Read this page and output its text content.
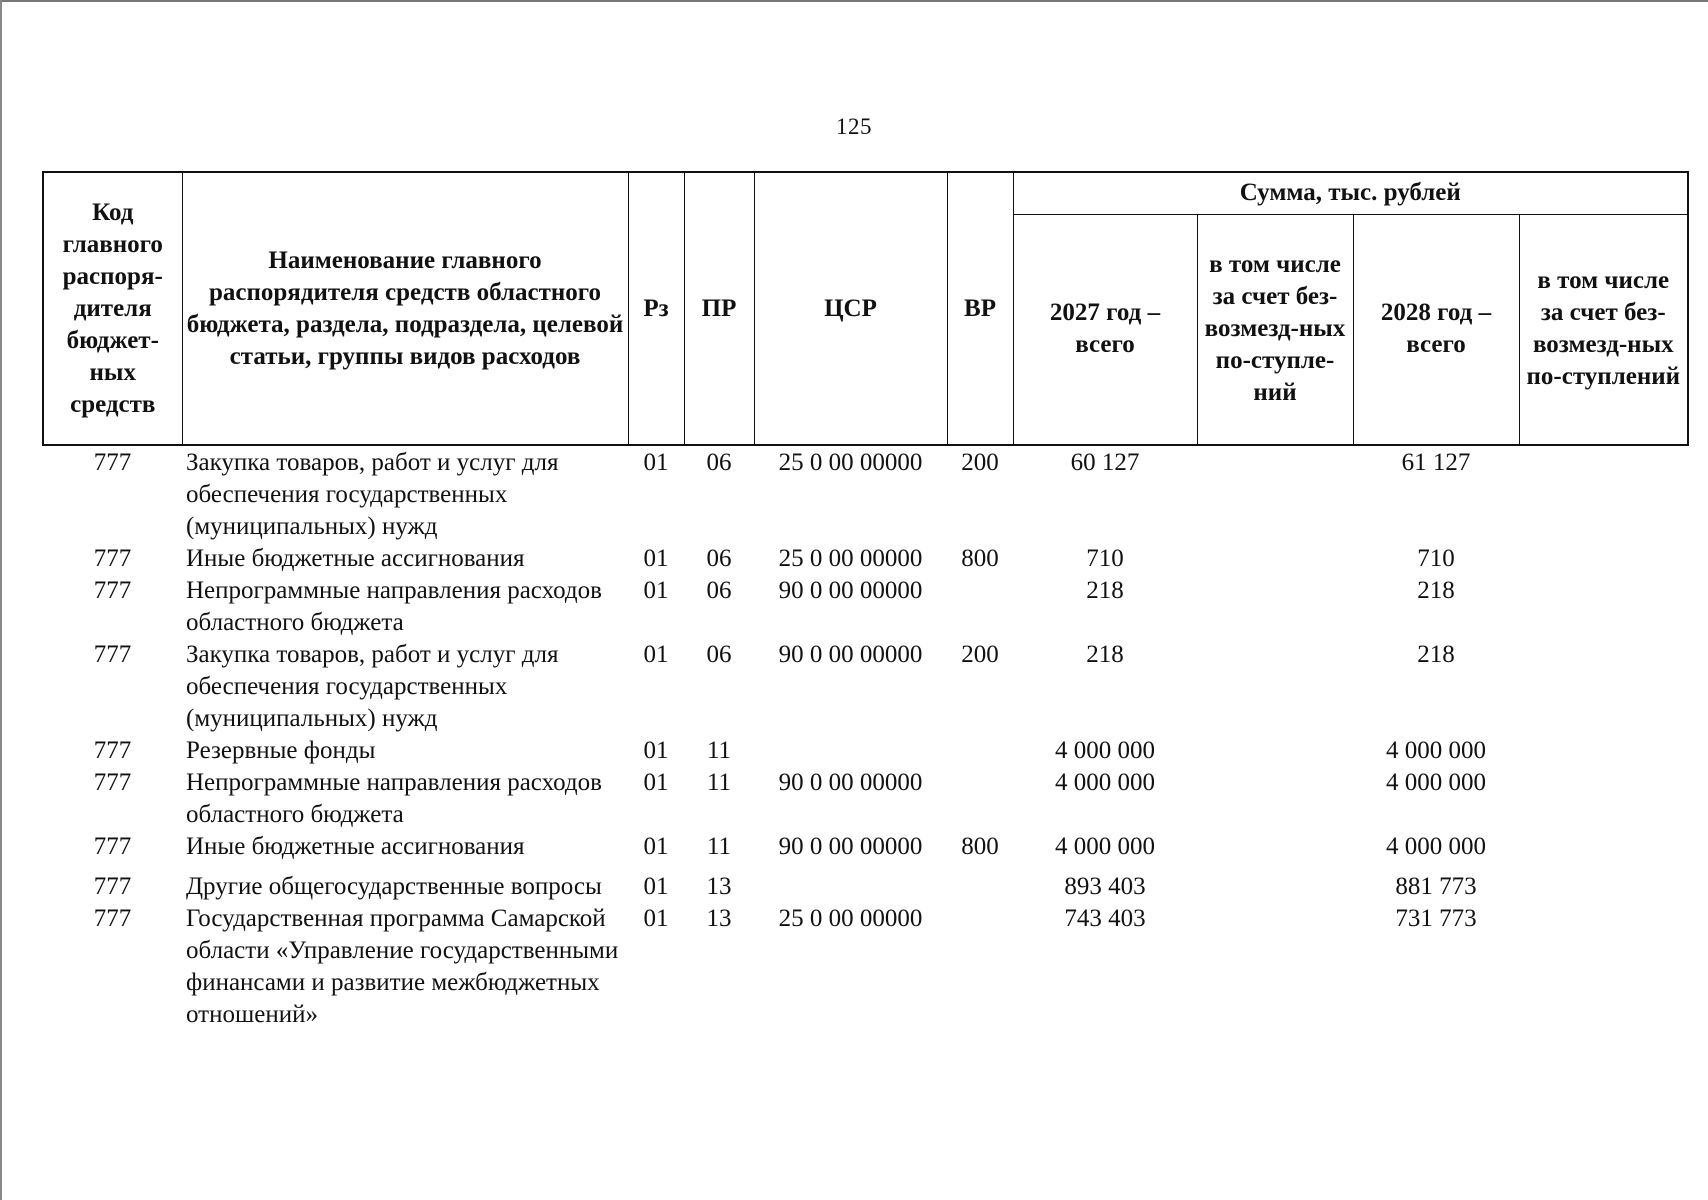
125
Код главного распоря-дителя бюджет-ных средств	Наименование главного распорядителя средств областного бюджета, раздела, подраздела, целевой статьи, группы видов расходов	Рз	ПР	ЦСР	ВР	Сумма, тыс. рублей			
						2027 год – всего	в том числе за счет без-возмезд-ных по-ступле-ний	2028 год – всего	в том числе за счет без-возмезд-ных по-ступлений
777	Закупка товаров, работ и услуг для обеспечения государственных (муниципальных) нужд	01	06	25 0 00 00000	200	60 127		61 127	
777	Иные бюджетные ассигнования	01	06	25 0 00 00000	800	710		710	
777	Непрограммные направления расходов областного бюджета	01	06	90 0 00 00000		218		218	
777	Закупка товаров, работ и услуг для обеспечения государственных (муниципальных) нужд	01	06	90 0 00 00000	200	218		218	
777	Резервные фонды	01	11			4 000 000		4 000 000	
777	Непрограммные направления расходов областного бюджета	01	11	90 0 00 00000		4 000 000		4 000 000	
777	Иные бюджетные ассигнования	01	11	90 0 00 00000	800	4 000 000		4 000 000	
777	Другие общегосударственные вопросы	01	13			893 403		881 773	
777	Государственная программа Самарской области «Управление государственными финансами и развитие межбюджетных отношений»	01	13	25 0 00 00000		743 403		731 773	
